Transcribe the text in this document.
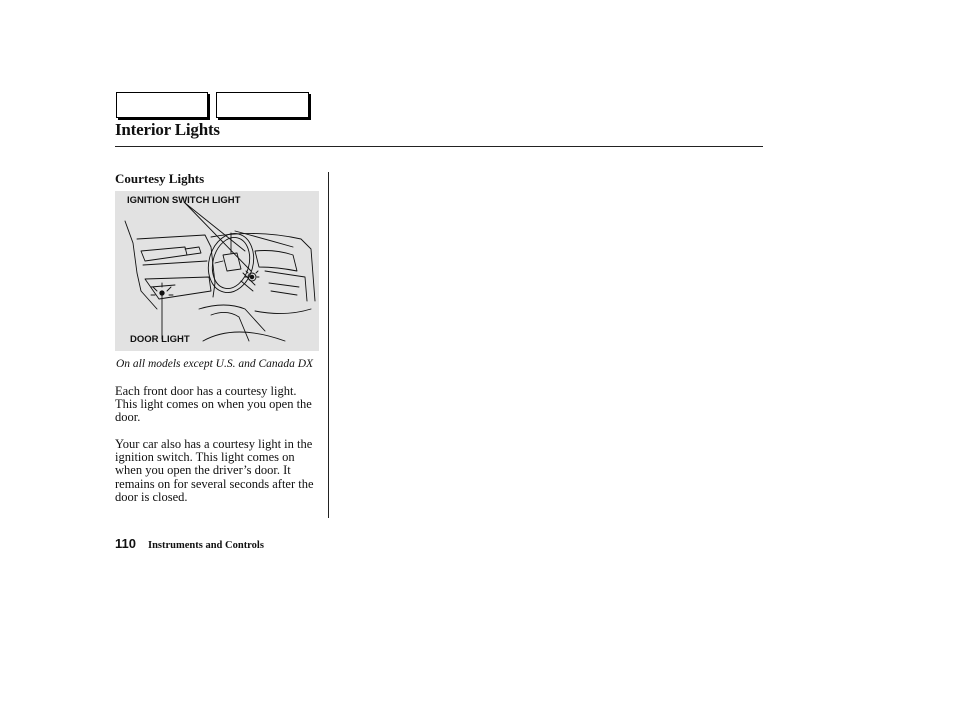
Interior Lights
Courtesy Lights
IGNITION SWITCH LIGHT
DOOR LIGHT

On all models except U.S. and Canada DX

Each front door has a courtesy light. This light comes on when you open the door.

Your car also has a courtesy light in the ignition switch. This light comes on when you open the driver’s door. It remains on for several seconds after the door is closed.

110 Instruments and Controls
